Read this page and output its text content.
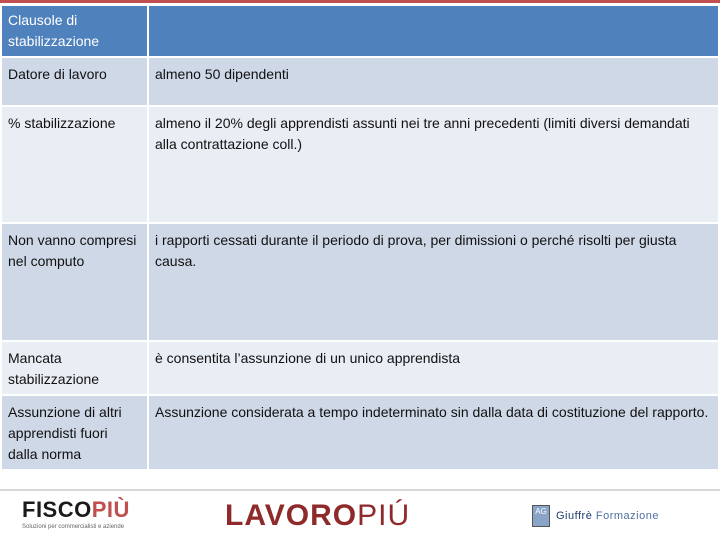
Clausole di stabilizzazione	
Datore di lavoro	almeno 50 dipendenti
% stabilizzazione	almeno il 20% degli apprendisti assunti nei tre anni precedenti (limiti diversi demandati alla contrattazione coll.)
Non vanno compresi nel computo	i rapporti cessati durante il periodo di prova, per dimissioni o perché risolti per giusta causa.
Mancata stabilizzazione	è consentita l’assunzione di un unico apprendista
Assunzione di altri apprendisti fuori dalla norma	Assunzione considerata a tempo indeterminato sin dalla data di costituzione del rapporto.
FISCOPIÙ
Soluzioni per commercialisti e aziende	LAVOROPIÚ	AG Giuffrè Formazione
